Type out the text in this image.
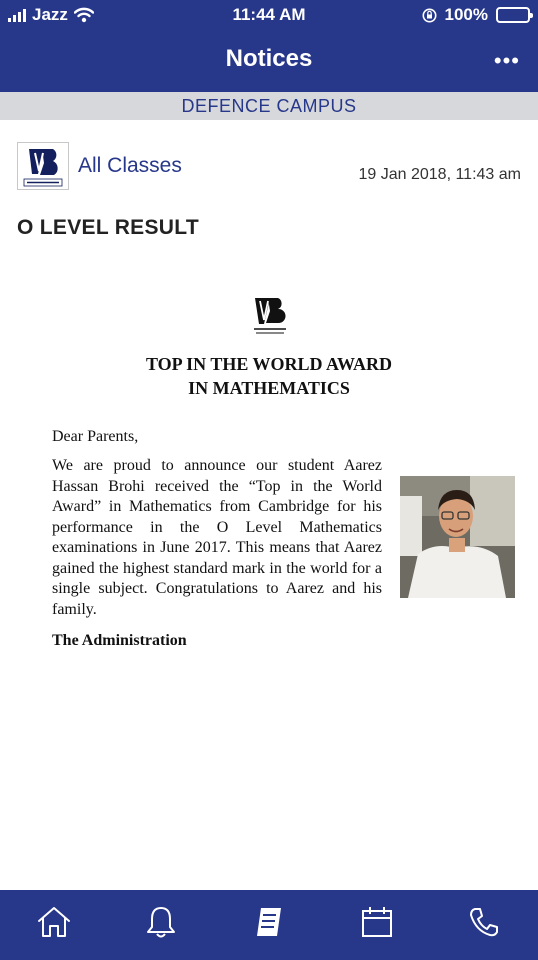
Jazz	11:44 AM	100%
Notices	•••
DEFENCE CAMPUS
All Classes	19 Jan 2018, 11:43 am
O LEVEL RESULT
TOP IN THE WORLD AWARD
IN MATHEMATICS
Dear Parents,
We are proud to announce our student Aarez Hassan Brohi received the “Top in the World Award” in Mathematics from Cambridge for his performance in the O Level Mathematics examinations in June 2017. This means that Aarez gained the highest standard mark in the world for a single subject. Congratulations to Aarez and his family.
The Administration
